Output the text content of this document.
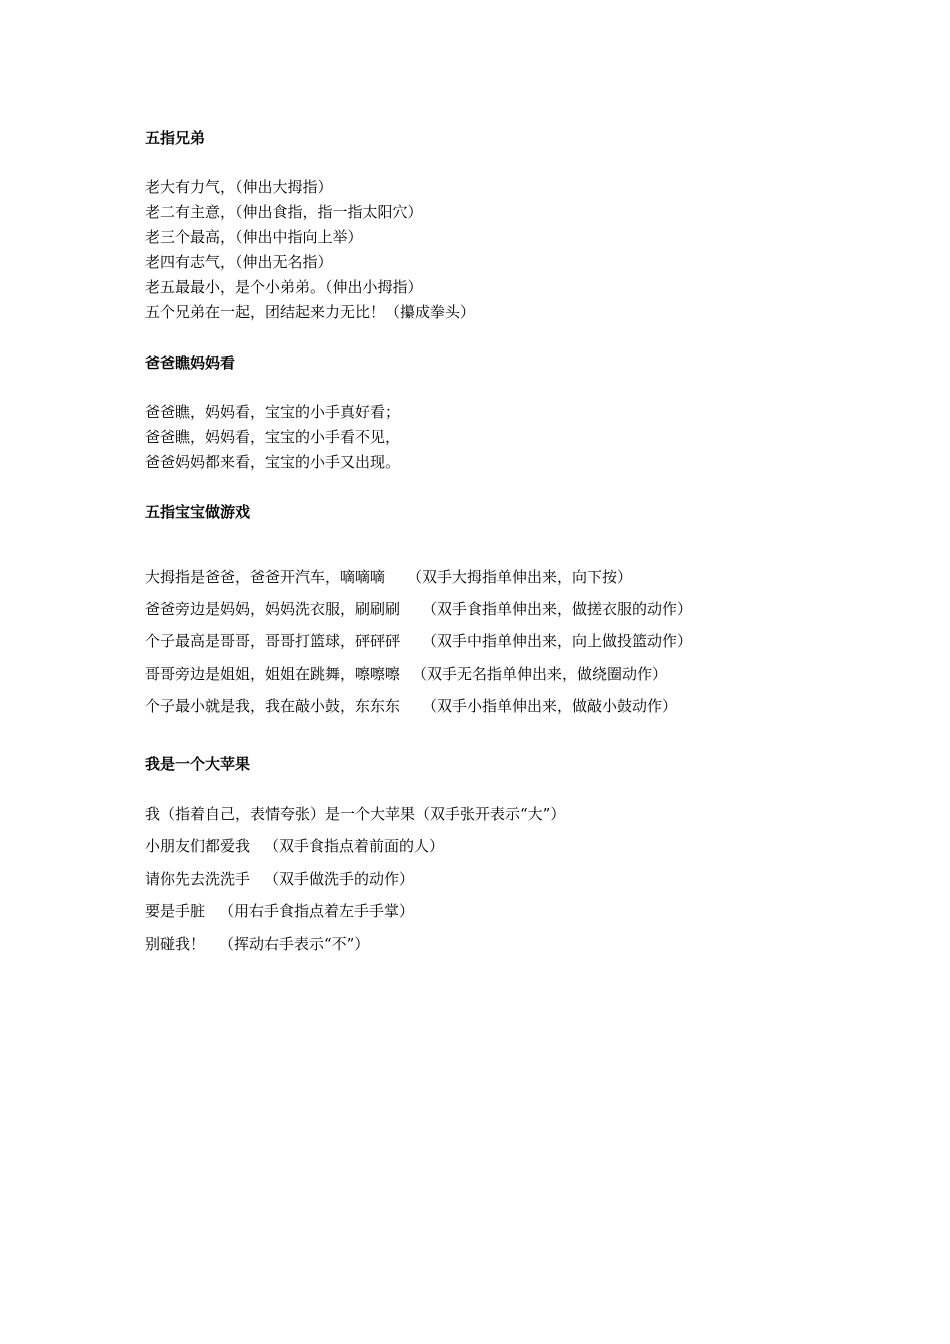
五指兄弟
老大有力气，（伸出大拇指）
老二有主意，（伸出食指，指一指太阳穴）
老三个最高，（伸出中指向上举）
老四有志气，（伸出无名指）
老五最最小，是个小弟弟。（伸出小拇指）
五个兄弟在一起，团结起来力无比！（攥成拳头）
爸爸瞧妈妈看
爸爸瞧，妈妈看，宝宝的小手真好看；
爸爸瞧，妈妈看，宝宝的小手看不见，
爸爸妈妈都来看，宝宝的小手又出现。
五指宝宝做游戏
大拇指是爸爸，爸爸开汽车，嘀嘀嘀 （双手大拇指单伸出来，向下按）
爸爸旁边是妈妈，妈妈洗衣服，刷刷刷 （双手食指单伸出来，做搓衣服的动作）
个子最高是哥哥，哥哥打篮球，砰砰砰 （双手中指单伸出来，向上做投篮动作）
哥哥旁边是姐姐，姐姐在跳舞，嚓嚓嚓 （双手无名指单伸出来，做绕圈动作）
个子最小就是我，我在敲小鼓，东东东 （双手小指单伸出来，做敲小鼓动作）
我是一个大苹果
我（指着自己，表情夸张）是一个大苹果（双手张开表示“大”）
小朋友们都爱我 （双手食指点着前面的人）
请你先去洗洗手 （双手做洗手的动作）
要是手脏 （用右手食指点着左手手掌）
别碰我！ （挥动右手表示“不”）
